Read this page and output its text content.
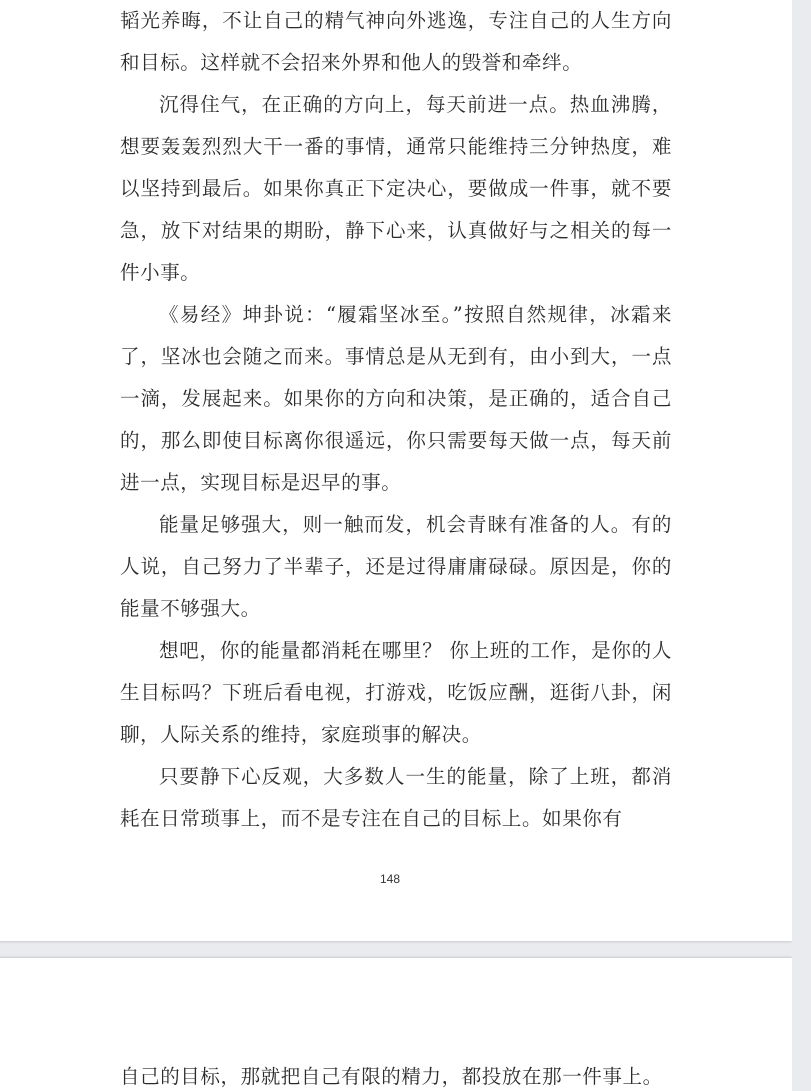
韬光养晦，不让自己的精气神向外逃逸，专注自己的人生方向和目标。这样就不会招来外界和他人的毁誉和牵绊。

沉得住气，在正确的方向上，每天前进一点。热血沸腾，想要轰轰烈烈大干一番的事情，通常只能维持三分钟热度，难以坚持到最后。如果你真正下定决心，要做成一件事，就不要急，放下对结果的期盼，静下心来，认真做好与之相关的每一件小事。

《易经》坤卦说：“履霜坚冰至。”按照自然规律，冰霜来了，坚冰也会随之而来。事情总是从无到有，由小到大，一点一滴，发展起来。如果你的方向和决策，是正确的，适合自己的，那么即使目标离你很遥远，你只需要每天做一点，每天前进一点，实现目标是迟早的事。

能量足够强大，则一触而发，机会青睐有准备的人。有的人说，自己努力了半辈子，还是过得庸庸碌碌。原因是，你的能量不够强大。

想吧，你的能量都消耗在哪里？ 你上班的工作，是你的人生目标吗？下班后看电视，打游戏，吃饭应酬，逛街八卦，闲聊，人际关系的维持，家庭琐事的解决。

只要静下心反观，大多数人一生的能量，除了上班，都消耗在日常琐事上，而不是专注在自己的目标上。如果你有

148

自己的目标，那就把自己有限的精力，都投放在那一件事上。
